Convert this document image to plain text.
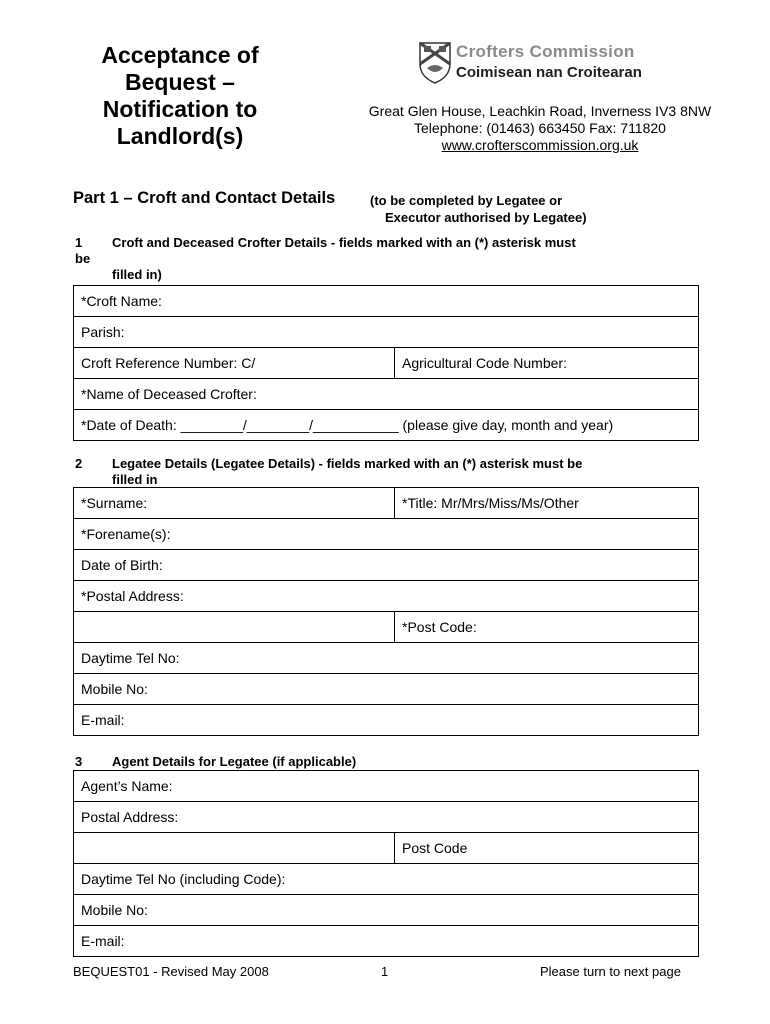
Acceptance of
Bequest –
Notification to
Landlord(s)
Crofters Commission
Coimisean nan Croitearan
Great Glen House, Leachkin Road, Inverness IV3 8NW
Telephone: (01463) 663450 Fax: 711820
www.crofterscommission.org.uk
Part 1 – Croft and Contact Details	(to be completed by Legatee or
Executor authorised by Legatee)
1 Croft and Deceased Crofter Details - fields marked with an (*) asterisk must
be
filled in)
*Croft Name:
Parish:
Croft Reference Number: C/	Agricultural Code Number:
*Name of Deceased Crofter:
*Date of Death: ________/________/___________ (please give day, month and year)
2 Legatee Details (Legatee Details) - fields marked with an (*) asterisk must be
filled in
*Surname:	*Title: Mr/Mrs/Miss/Ms/Other
*Forename(s):	
Date of Birth:	
*Postal Address:	
	*Post Code:
Daytime Tel No:	
Mobile No:	
E-mail:	
3 Agent Details for Legatee (if applicable)
Agent’s Name:
Postal Address:
	Post Code
Daytime Tel No (including Code):
Mobile No:
E-mail:
BEQUEST01 - Revised May 2008	1	Please turn to next page
